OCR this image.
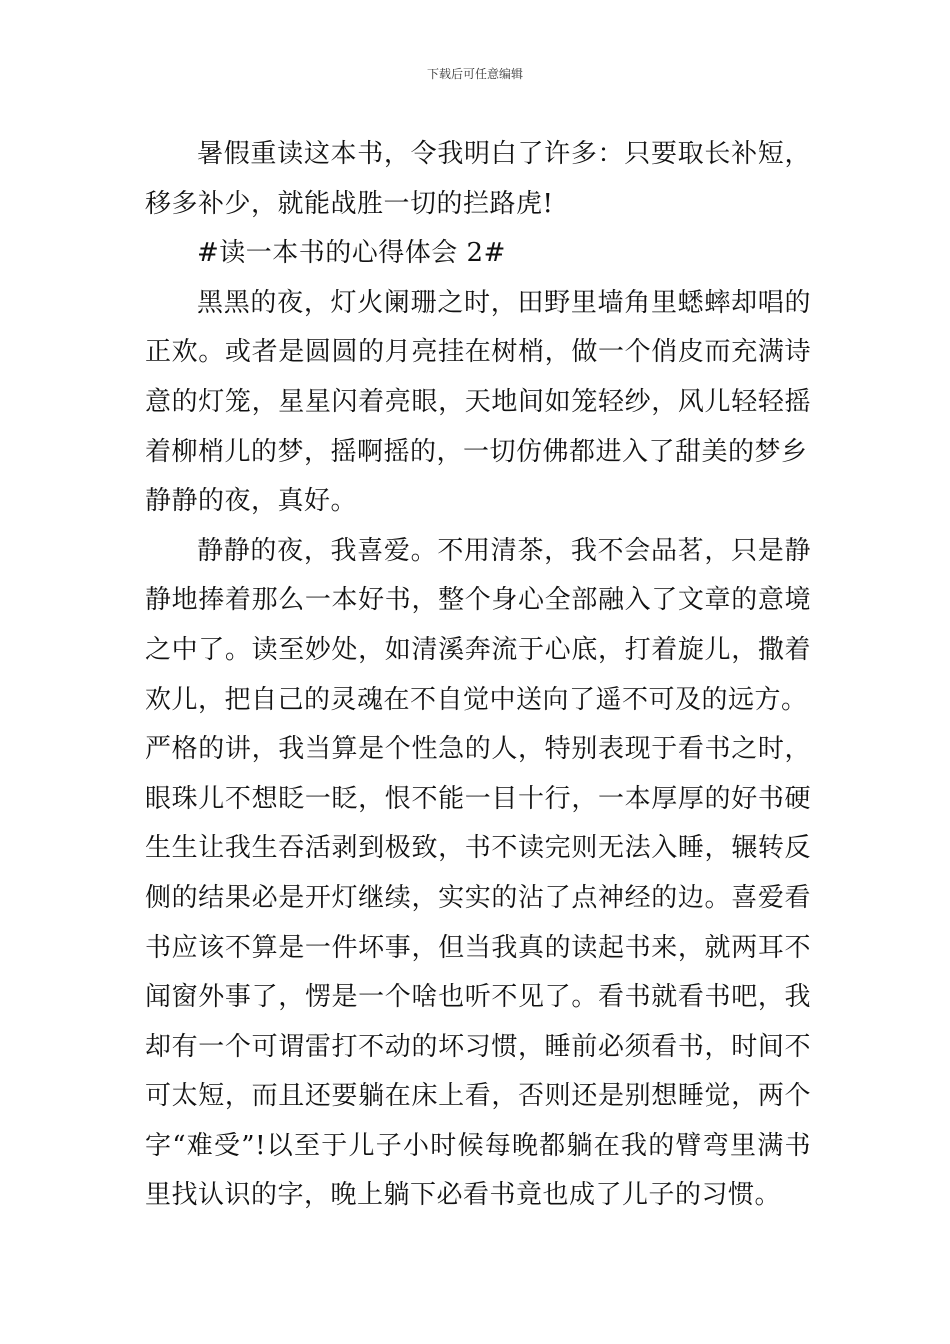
下载后可任意编辑

暑假重读这本书，令我明白了许多：只要取长补短，移多补少，就能战胜一切的拦路虎!

#读一本书的心得体会 2#

黑黑的夜，灯火阑珊之时，田野里墙角里蟋蟀却唱的正欢。或者是圆圆的月亮挂在树梢，做一个俏皮而充满诗意的灯笼，星星闪着亮眼，天地间如笼轻纱，风儿轻轻摇着柳梢儿的梦，摇啊摇的，一切仿佛都进入了甜美的梦乡

静静的夜，真好。

静静的夜，我喜爱。不用清茶，我不会品茗，只是静静地捧着那么一本好书，整个身心全部融入了文章的意境之中了。读至妙处，如清溪奔流于心底，打着旋儿，撒着欢儿，把自己的灵魂在不自觉中送向了遥不可及的远方。

严格的讲，我当算是个性急的人，特别表现于看书之时，眼珠儿不想眨一眨，恨不能一目十行，一本厚厚的好书硬生生让我生吞活剥到极致，书不读完则无法入睡，辗转反侧的结果必是开灯继续，实实的沾了点神经的边。喜爱看书应该不算是一件坏事，但当我真的读起书来，就两耳不闻窗外事了，愣是一个啥也听不见了。看书就看书吧，我却有一个可谓雷打不动的坏习惯，睡前必须看书，时间不可太短，而且还要躺在床上看，否则还是别想睡觉，两个字“难受”!以至于儿子小时候每晚都躺在我的臂弯里满书里找认识的字，晚上躺下必看书竟也成了儿子的习惯。
